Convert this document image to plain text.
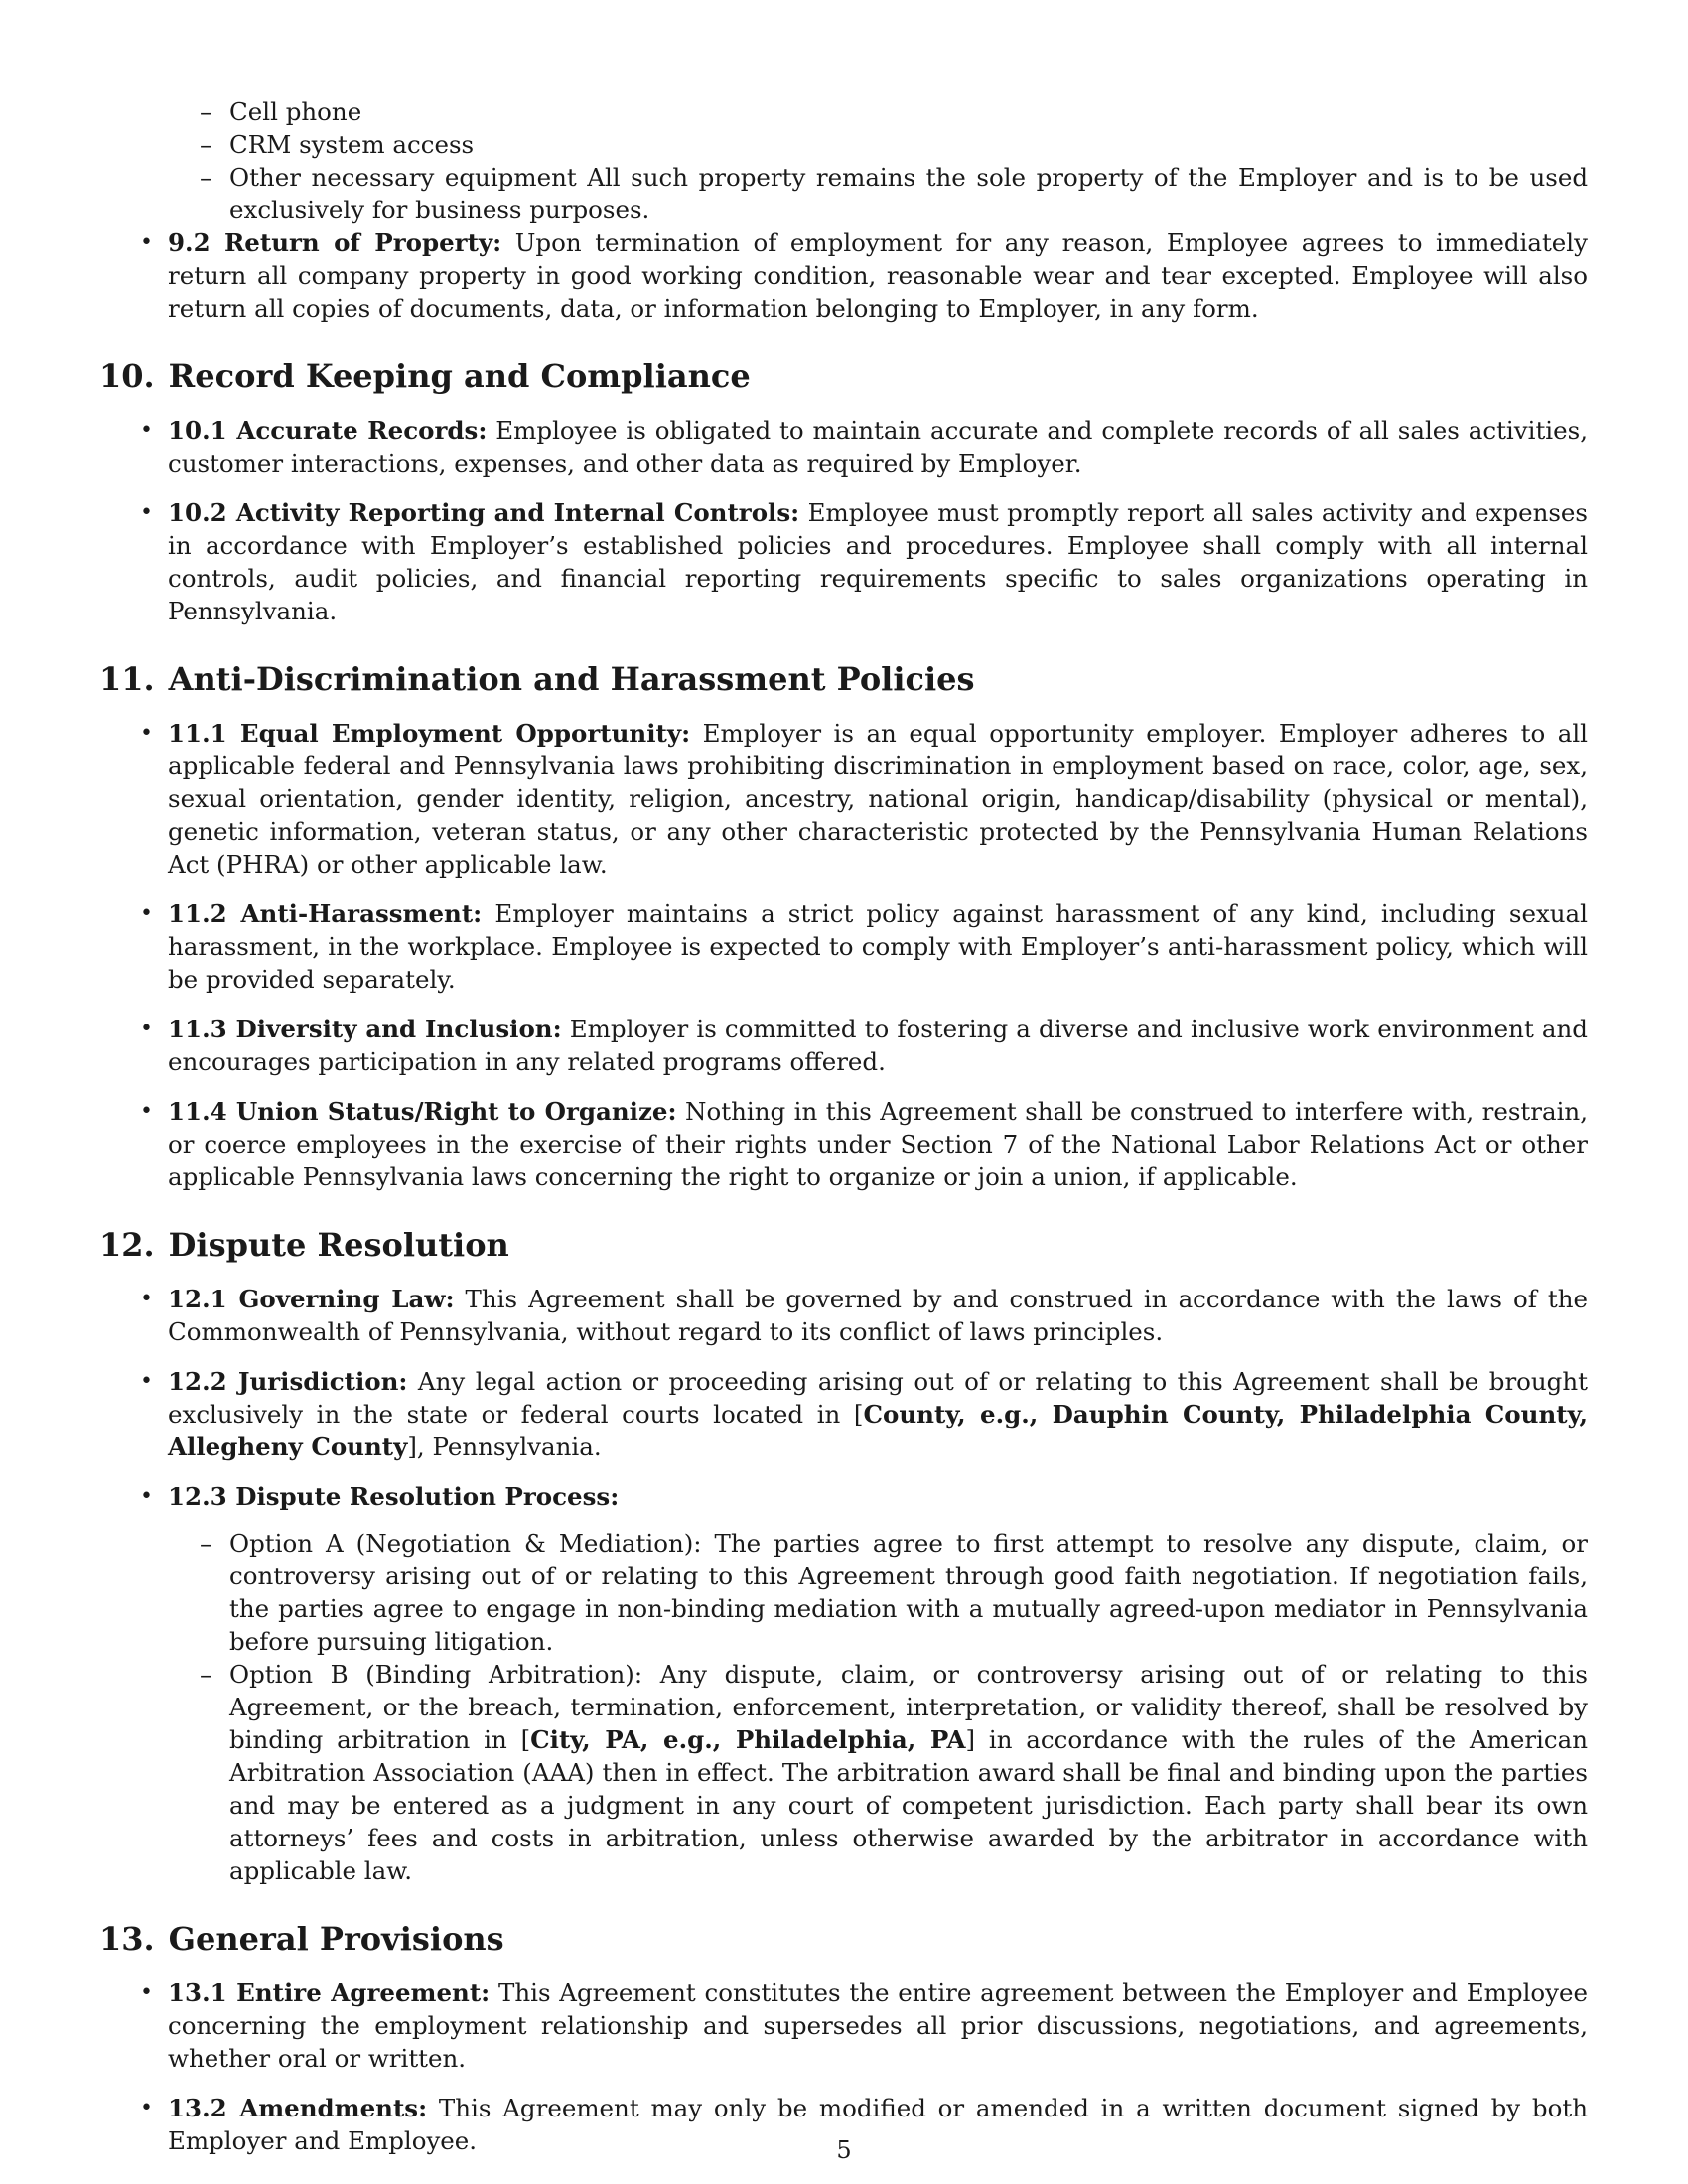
– Cell phone
– CRM system access
– Other necessary equipment All such property remains the sole property of the Employer and is to be used exclusively for business purposes.
• 9.2 Return of Property: Upon termination of employment for any reason, Employee agrees to immediately return all company property in good working condition, reasonable wear and tear excepted. Employee will also return all copies of documents, data, or information belonging to Employer, in any form.
10. Record Keeping and Compliance
• 10.1 Accurate Records: Employee is obligated to maintain accurate and complete records of all sales activities, customer interactions, expenses, and other data as required by Employer.
• 10.2 Activity Reporting and Internal Controls: Employee must promptly report all sales activity and expenses in accordance with Employer’s established policies and procedures. Employee shall comply with all internal controls, audit policies, and financial reporting requirements specific to sales organizations operating in Pennsylvania.
11. Anti-Discrimination and Harassment Policies
• 11.1 Equal Employment Opportunity: Employer is an equal opportunity employer. Employer adheres to all applicable federal and Pennsylvania laws prohibiting discrimination in employment based on race, color, age, sex, sexual orientation, gender identity, religion, ancestry, national origin, handicap/disability (physical or mental), genetic information, veteran status, or any other characteristic protected by the Pennsylvania Human Relations Act (PHRA) or other applicable law.
• 11.2 Anti-Harassment: Employer maintains a strict policy against harassment of any kind, including sexual harassment, in the workplace. Employee is expected to comply with Employer’s anti-harassment policy, which will be provided separately.
• 11.3 Diversity and Inclusion: Employer is committed to fostering a diverse and inclusive work environment and encourages participation in any related programs offered.
• 11.4 Union Status/Right to Organize: Nothing in this Agreement shall be construed to interfere with, restrain, or coerce employees in the exercise of their rights under Section 7 of the National Labor Relations Act or other applicable Pennsylvania laws concerning the right to organize or join a union, if applicable.
12. Dispute Resolution
• 12.1 Governing Law: This Agreement shall be governed by and construed in accordance with the laws of the Commonwealth of Pennsylvania, without regard to its conflict of laws principles.
• 12.2 Jurisdiction: Any legal action or proceeding arising out of or relating to this Agreement shall be brought exclusively in the state or federal courts located in [County, e.g., Dauphin County, Philadelphia County, Allegheny County], Pennsylvania.
• 12.3 Dispute Resolution Process:
– Option A (Negotiation & Mediation): The parties agree to first attempt to resolve any dispute, claim, or controversy arising out of or relating to this Agreement through good faith negotiation. If negotiation fails, the parties agree to engage in non-binding mediation with a mutually agreed-upon mediator in Pennsylvania before pursuing litigation.
– Option B (Binding Arbitration): Any dispute, claim, or controversy arising out of or relating to this Agreement, or the breach, termination, enforcement, interpretation, or validity thereof, shall be resolved by binding arbitration in [City, PA, e.g., Philadelphia, PA] in accordance with the rules of the American Arbitration Association (AAA) then in effect. The arbitration award shall be final and binding upon the parties and may be entered as a judgment in any court of competent jurisdiction. Each party shall bear its own attorneys’ fees and costs in arbitration, unless otherwise awarded by the arbitrator in accordance with applicable law.
13. General Provisions
• 13.1 Entire Agreement: This Agreement constitutes the entire agreement between the Employer and Employee concerning the employment relationship and supersedes all prior discussions, negotiations, and agreements, whether oral or written.
• 13.2 Amendments: This Agreement may only be modified or amended in a written document signed by both Employer and Employee.	5
